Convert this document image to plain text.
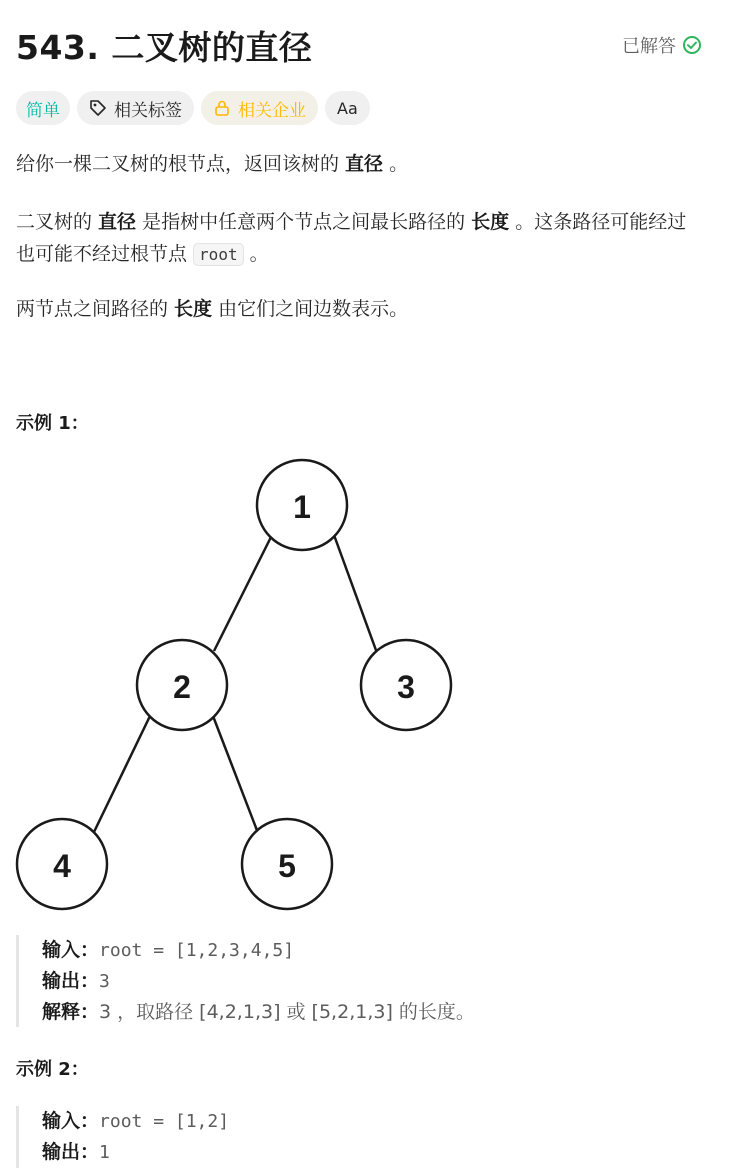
543. 二叉树的直径	已解答
简单	相关标签	相关企业 Aa
给你一棵二叉树的根节点，返回该树的 直径 。
二叉树的 直径 是指树中任意两个节点之间最长路径的 长度 。这条路径可能经过也可能不经过根节点 root 。
两节点之间路径的 长度 由它们之间边数表示。
示例 1：
1
2	3
4	5
输入：root = [1,2,3,4,5]
输出：3
解释：3 ，取路径 [4,2,1,3] 或 [5,2,1,3] 的长度。
示例 2：
输入：root = [1,2]
输出：1
